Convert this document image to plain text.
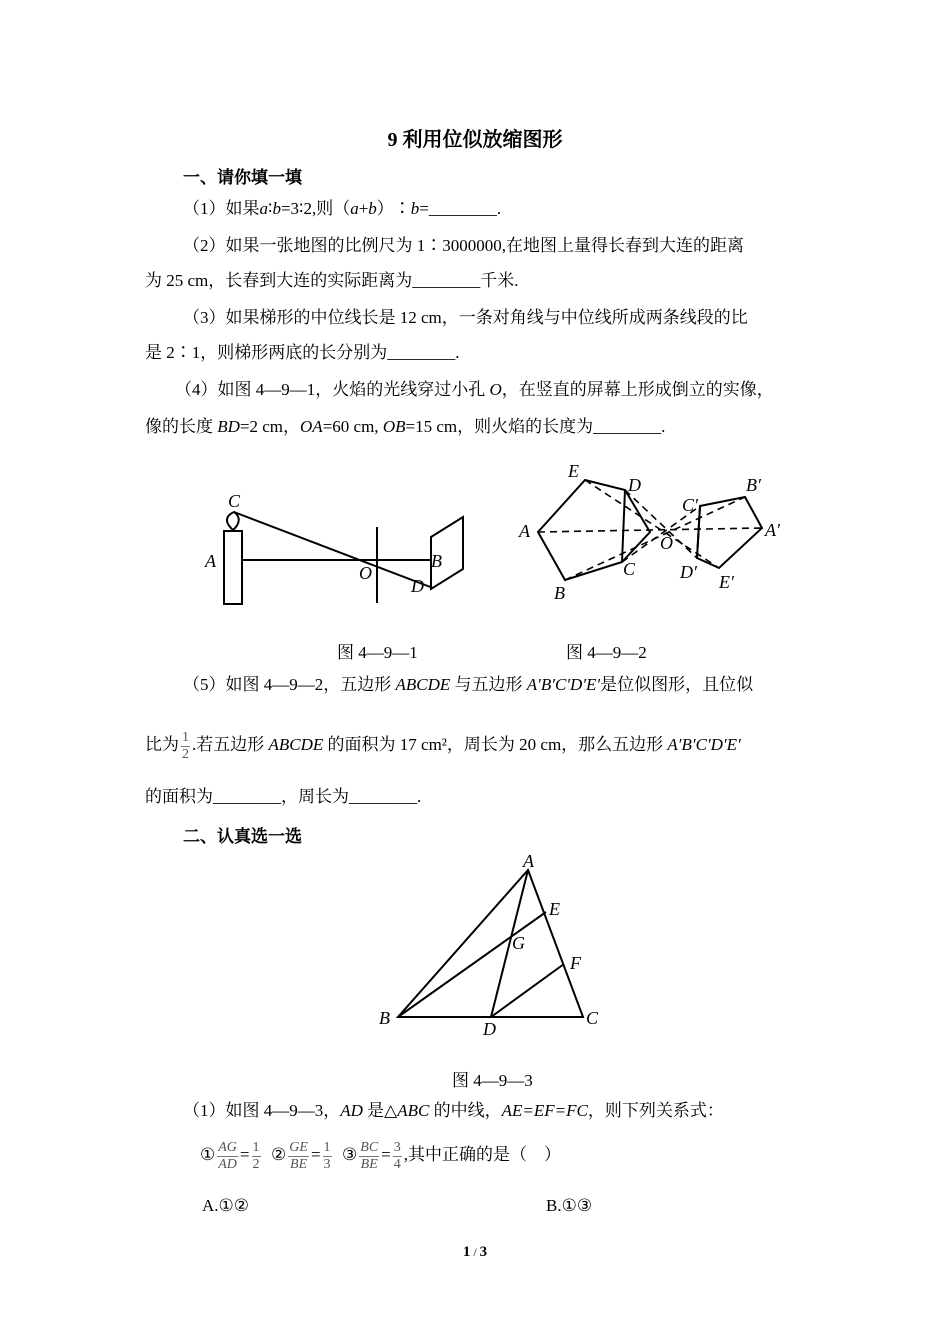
9 利用位似放缩图形
一、请你填一填
（1）如果a∶b=3∶2,则（a+b）∶b=________.
（2）如果一张地图的比例尺为 1∶3000000,在地图上量得长春到大连的距离
为 25 cm，长春到大连的实际距离为________千米.
（3）如果梯形的中位线长是 12 cm，一条对角线与中位线所成两条线段的比
是 2∶1，则梯形两底的长分别为________.
（4）如图 4—9—1，火焰的光线穿过小孔 O，在竖直的屏幕上形成倒立的实像，
像的长度 BD=2 cm，OA=60 cm, OB=15 cm，则火焰的长度为________.
C
A
O
B
D
E
D
A
C
B
O
C′
B′
A′
D′ E′
图 4—9—1	图 4—9—2
（5）如图 4—9—2，五边形 ABCDE 与五边形 A′B′C′D′E′是位似图形，且位似
比为 $\frac{1}{2}$ .若五边形 ABCDE 的面积为 17 cm²，周长为 20 cm，那么五边形 A′B′C′D′E′
的面积为________，周长为________.
二、认真选一选
A
E
G
F
B
D
C
图 4—9—3
（1）如图 4—9—3，AD 是△ABC 的中线，AE=EF=FC，则下列关系式：
① $\frac{AG}{AD} = \frac{1}{2}$ ② $\frac{GE}{BE} = \frac{1}{3}$ ③ $\frac{BC}{BE} = \frac{3}{4}$ ,其中正确的是（　）
A.①②	B.①③
1 / 3
